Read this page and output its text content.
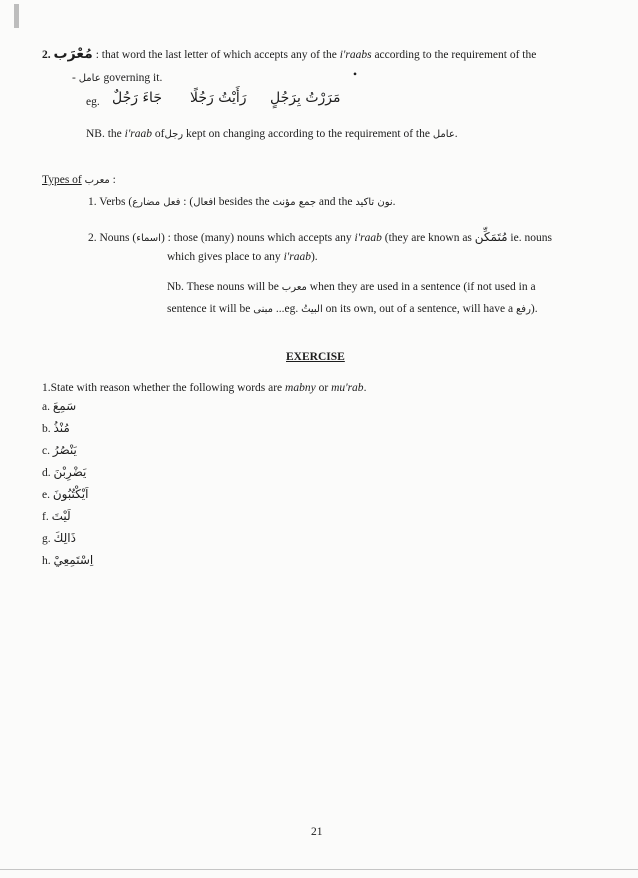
2. مُعْرَب : that word the last letter of which accepts any of the i'raabs according to the requirement of the
- عامل governing it.	•
eg. جَاءَ رَجُلٌ رَأَيْتُ رَجُلًا مَرَرْتُ بِرَجُلٍ
NB. the i'raab ofرجل kept on changing according to the requirement of the عامل.
Types of معرب :
1. Verbs (	افعال) : فعل مضارع	besides the جمع مؤنث and the نون تاكيد.
2. Nouns (اسماء) : those (many) nouns which accepts any i'raab (they are known as مُتَمَكِّن ie. nouns
which gives place to any i'raab).
Nb. These nouns will be معرب when they are used in a sentence (if not used in a
sentence it will be مبنى ...eg. البيتُ on its own, out of a sentence, will have a رفع).
EXERCISE
1.State with reason whether the following words are mabny or mu'rab.
a. سَمِعَ
b. مُنْذُ
c. يَنْصُرُ
d. يَضْرِبْنَ
e. اَيْكْتُبُونَ
f. لَيْتَ
g. ذَالِكَ
h. اِسْتَمِعِيْ
21
